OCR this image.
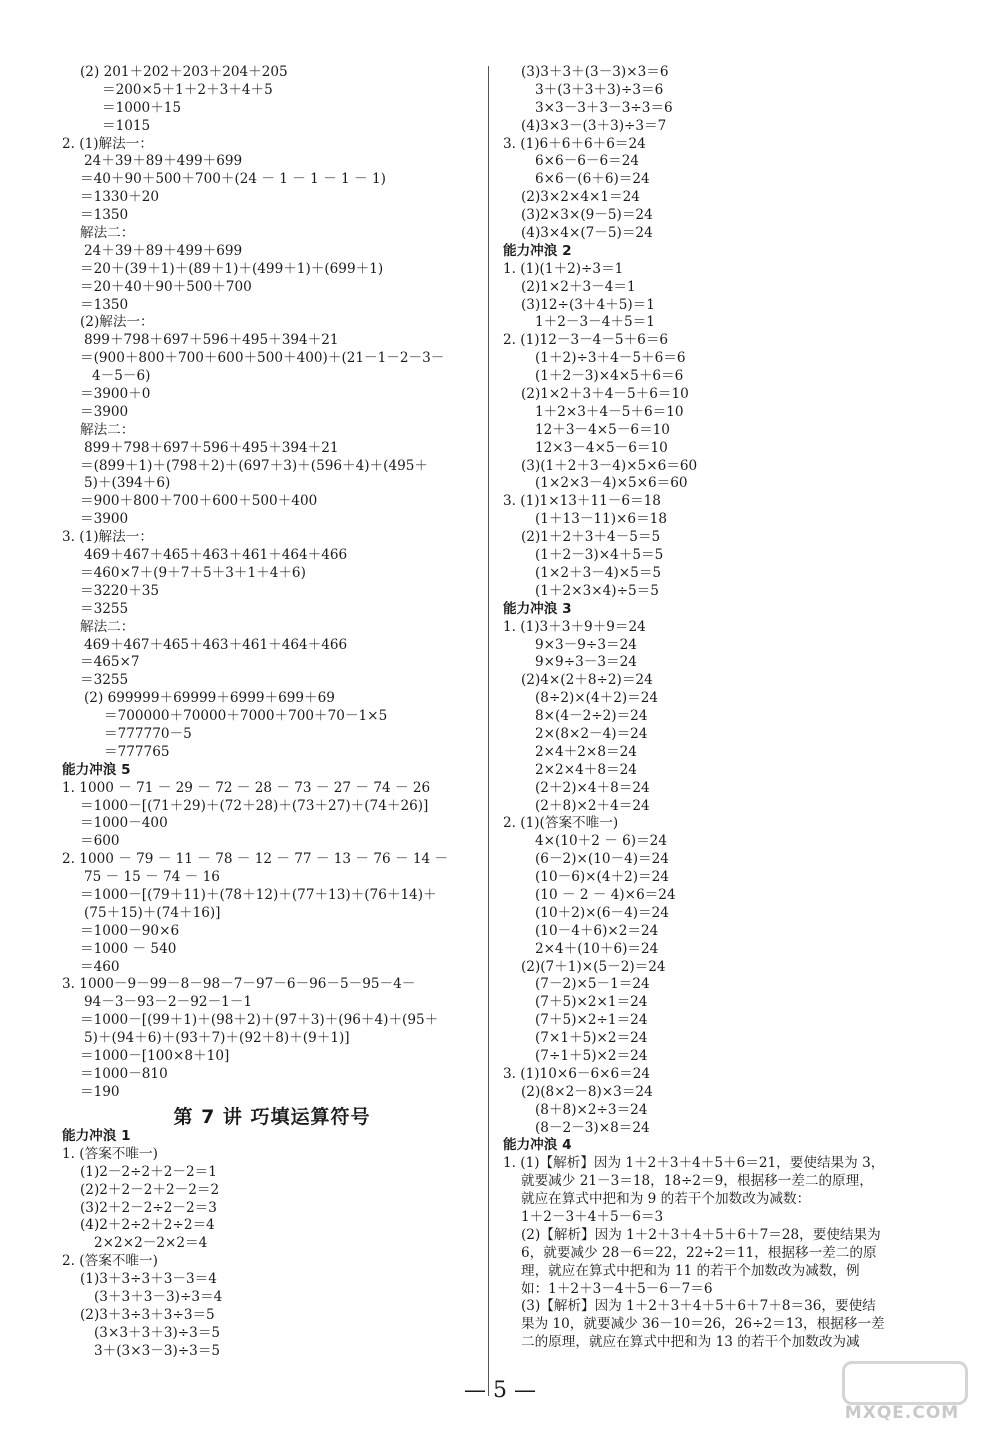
(2) 201＋202＋203＋204＋205
＝200×5＋1＋2＋3＋4＋5
＝1000＋15
＝1015
2. (1)解法一：
24＋39＋89＋499＋699
＝40＋90＋500＋700＋(24 － 1 － 1 － 1 － 1)
＝1330＋20
＝1350
解法二：
24＋39＋89＋499＋699
＝20＋(39＋1)＋(89＋1)＋(499＋1)＋(699＋1)
＝20＋40＋90＋500＋700
＝1350
(2)解法一：
899＋798＋697＋596＋495＋394＋21
＝(900＋800＋700＋600＋500＋400)＋(21－1－2－3－
4－5－6)
＝3900＋0
＝3900
解法二：
899＋798＋697＋596＋495＋394＋21
＝(899＋1)＋(798＋2)＋(697＋3)＋(596＋4)＋(495＋
5)＋(394＋6)
＝900＋800＋700＋600＋500＋400
＝3900
3. (1)解法一：
469＋467＋465＋463＋461＋464＋466
＝460×7＋(9＋7＋5＋3＋1＋4＋6)
＝3220＋35
＝3255
解法二：
469＋467＋465＋463＋461＋464＋466
＝465×7
＝3255
(2) 699999＋69999＋6999＋699＋69
＝700000＋70000＋7000＋700＋70－1×5
＝777770－5
＝777765
能力冲浪 5
1. 1000 － 71 － 29 － 72 － 28 － 73 － 27 － 74 － 26
＝1000－[(71＋29)＋(72＋28)＋(73＋27)＋(74＋26)]
＝1000－400
＝600
2. 1000 － 79 － 11 － 78 － 12 － 77 － 13 － 76 － 14 －
75 － 15 － 74 － 16
＝1000－[(79＋11)＋(78＋12)＋(77＋13)＋(76＋14)＋
(75＋15)＋(74＋16)]
＝1000－90×6
＝1000 － 540
＝460
3. 1000－9－99－8－98－7－97－6－96－5－95－4－
94－3－93－2－92－1－1
＝1000－[(99＋1)＋(98＋2)＋(97＋3)＋(96＋4)＋(95＋
5)＋(94＋6)＋(93＋7)＋(92＋8)＋(9＋1)]
＝1000－[100×8＋10]
＝1000－810
＝190
第 7 讲 巧填运算符号
能力冲浪 1
1. (答案不唯一)
(1)2－2÷2＋2－2＝1
(2)2＋2－2＋2－2＝2
(3)2＋2－2÷2－2＝3
(4)2＋2÷2＋2÷2＝4
2×2×2－2×2＝4
2. (答案不唯一)
(1)3＋3÷3＋3－3＝4
(3＋3＋3－3)÷3＝4
(2)3＋3÷3＋3÷3＝5
(3×3＋3＋3)÷3＝5
3＋(3×3－3)÷3＝5
(3)3＋3＋(3－3)×3＝6
3＋(3＋3＋3)÷3＝6
3×3－3＋3－3÷3＝6
(4)3×3－(3＋3)÷3＝7
3. (1)6＋6＋6＋6＝24
6×6－6－6＝24
6×6－(6＋6)＝24
(2)3×2×4×1＝24
(3)2×3×(9－5)＝24
(4)3×4×(7－5)＝24
能力冲浪 2
1. (1)(1＋2)÷3＝1
(2)1×2＋3－4＝1
(3)12÷(3＋4＋5)＝1
1＋2－3－4＋5＝1
2. (1)12－3－4－5＋6＝6
(1＋2)÷3＋4－5＋6＝6
(1＋2－3)×4×5＋6＝6
(2)1×2＋3＋4－5＋6＝10
1＋2×3＋4－5＋6＝10
12＋3－4×5－6＝10
12×3－4×5－6＝10
(3)(1＋2＋3－4)×5×6＝60
(1×2×3－4)×5×6＝60
3. (1)1×13＋11－6＝18
(1＋13－11)×6＝18
(2)1＋2＋3＋4－5＝5
(1＋2－3)×4＋5＝5
(1×2＋3－4)×5＝5
(1＋2×3×4)÷5＝5
能力冲浪 3
1. (1)3＋3＋9＋9＝24
9×3－9÷3＝24
9×9÷3－3＝24
(2)4×(2＋8÷2)＝24
(8÷2)×(4＋2)＝24
8×(4－2÷2)＝24
2×(8×2－4)＝24
2×4＋2×8＝24
2×2×4＋8＝24
(2＋2)×4＋8＝24
(2＋8)×2＋4＝24
2. (1)(答案不唯一)
4×(10＋2 － 6)＝24
(6－2)×(10－4)＝24
(10－6)×(4＋2)＝24
(10 － 2 － 4)×6＝24
(10＋2)×(6－4)＝24
(10－4＋6)×2＝24
2×4＋(10＋6)＝24
(2)(7＋1)×(5－2)＝24
(7－2)×5－1＝24
(7＋5)×2×1＝24
(7＋5)×2÷1＝24
(7×1＋5)×2＝24
(7÷1＋5)×2＝24
3. (1)10×6－6×6＝24
(2)(8×2－8)×3＝24
(8＋8)×2÷3＝24
(8－2－3)×8＝24
能力冲浪 4
1. (1)【解析】因为 1＋2＋3＋4＋5＋6＝21，要使结果为 3，
就要减少 21－3＝18，18÷2＝9，根据移一差二的原理，
就应在算式中把和为 9 的若干个加数改为减数：
1＋2－3＋4＋5－6＝3
(2)【解析】因为 1＋2＋3＋4＋5＋6＋7＝28，要使结果为
6，就要减少 28－6＝22，22÷2＝11，根据移一差二的原
理，就应在算式中把和为 11 的若干个加数改为减数，例
如：1＋2＋3－4＋5－6－7＝6
(3)【解析】因为 1＋2＋3＋4＋5＋6＋7＋8＝36，要使结
果为 10，就要减少 36－10＝26，26÷2＝13，根据移一差
二的原理，就应在算式中把和为 13 的若干个加数改为减
— 5 —
MXQE.COM
